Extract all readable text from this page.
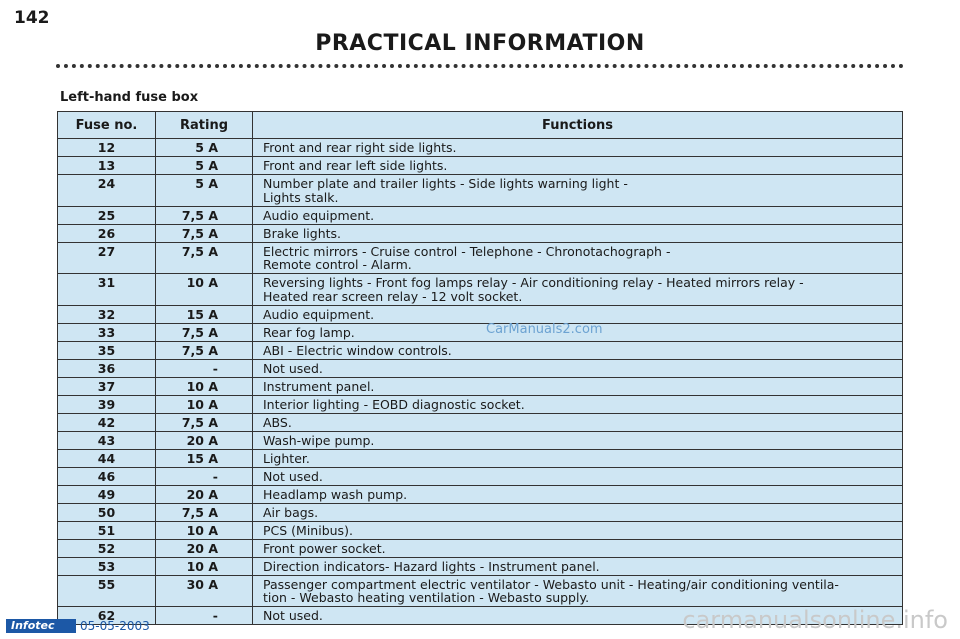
142
PRACTICAL INFORMATION
Left-hand fuse box
Fuse no.	Rating	Functions
12	5 A	Front and rear right side lights.

13	5 A	Front and rear left side lights.

24	5 A	Number plate and trailer lights - Side lights warning light -
Lights stalk.

25	7,5 A	Audio equipment.

26	7,5 A	Brake lights.

27	7,5 A	Electric mirrors - Cruise control - Telephone - Chronotachograph -
Remote control - Alarm.

31	10 A	Reversing lights - Front fog lamps relay - Air conditioning relay - Heated mirrors relay -
Heated rear screen relay - 12 volt socket.

32	15 A	Audio equipment.

33	7,5 A	Rear fog lamp.

35	7,5 A	ABI - Electric window controls.

36	-	Not used.

37	10 A	Instrument panel.

39	10 A	Interior lighting - EOBD diagnostic socket.

42	7,5 A	ABS.

43	20 A	Wash-wipe pump.

44	15 A	Lighter.

46	-	Not used.

49	20 A	Headlamp wash pump.

50	7,5 A	Air bags.

51	10 A	PCS (Minibus).

52	20 A	Front power socket.

53	10 A	Direction indicators- Hazard lights - Instrument panel.

55	30 A	Passenger compartment electric ventilator - Webasto unit - Heating/air conditioning ventila-
tion - Webasto heating ventilation - Webasto supply.

62	-	Not used.
CarManuals2.com
Infotec	05-05-2003	carmanualsonline.info
